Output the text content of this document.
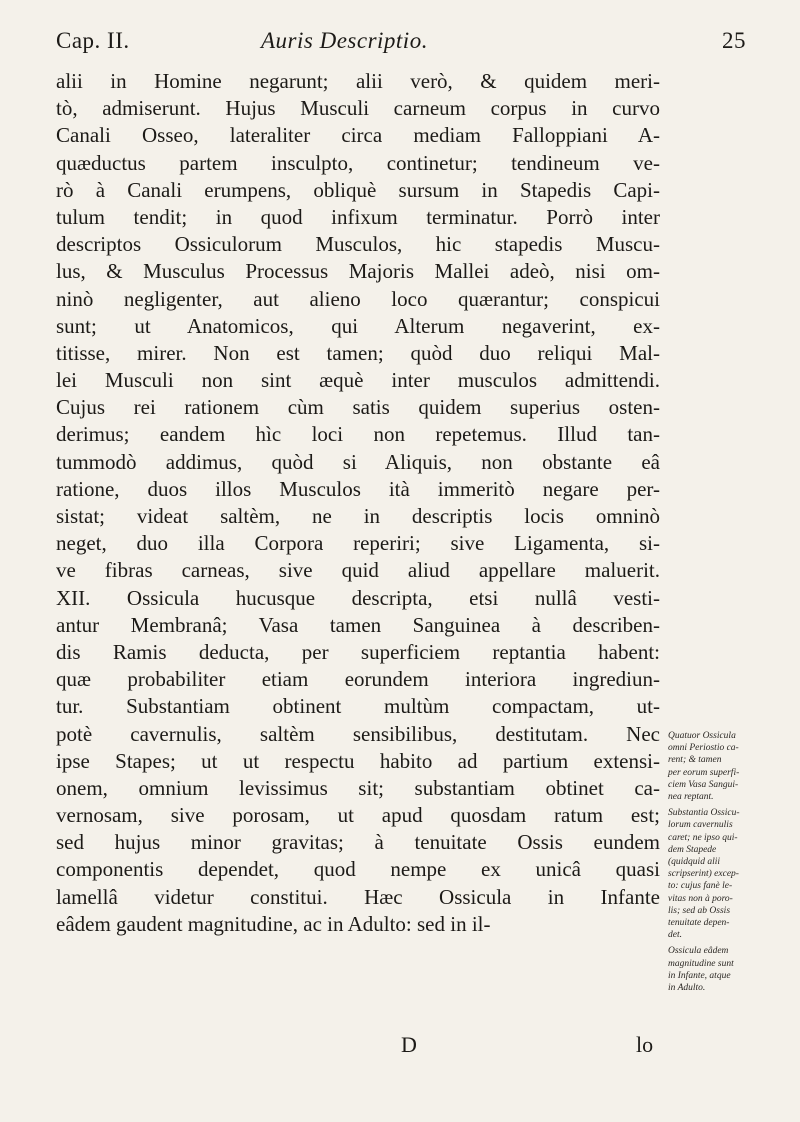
Cap. II.	Auris Descriptio.	25
alii in Homine negarunt; alii verò, & quidem meri-
tò, admiserunt. Hujus Musculi carneum corpus in curvo
Canali Osseo, lateraliter circa mediam Falloppiani A-
quæductus partem insculpto, continetur; tendineum ve-
rò à Canali erumpens, obliquè sursum in Stapedis Capi-
tulum tendit; in quod infixum terminatur. Porrò inter
descriptos Ossiculorum Musculos, hic stapedis Muscu-
lus, & Musculus Processus Majoris Mallei adeò, nisi om-
ninò negligenter, aut alieno loco quærantur; conspicui
sunt; ut Anatomicos, qui Alterum negaverint, ex-
titisse, mirer. Non est tamen; quòd duo reliqui Mal-
lei Musculi non sint æquè inter musculos admittendi.
Cujus rei rationem cùm satis quidem superius osten-
derimus; eandem hìc loci non repetemus. Illud tan-
tummodò addimus, quòd si Aliquis, non obstante eâ
ratione, duos illos Musculos ità immeritò negare per-
sistat; videat saltèm, ne in descriptis locis omninò
neget, duo illa Corpora reperiri; sive Ligamenta, si-
ve fibras carneas, sive quid aliud appellare maluerit.
XII. Ossicula hucusque descripta, etsi nullâ vesti-
antur Membranâ; Vasa tamen Sanguinea à describen-
dis Ramis deducta, per superficiem reptantia habent:
quæ probabiliter etiam eorundem interiora ingrediun-
tur. Substantiam obtinent multùm compactam, ut-
potè cavernulis, saltèm sensibilibus, destitutam. Nec
ipse Stapes; ut ut respectu habito ad partium extensi-
onem, omnium levissimus sit; substantiam obtinet ca-
vernosam, sive porosam, ut apud quosdam ratum est;
sed hujus minor gravitas; à tenuitate Ossis eundem
componentis dependet, quod nempe ex unicâ quasi
lamellâ videtur constitui. Hæc Ossicula in Infante
eâdem gaudent magnitudine, ac in Adulto: sed in il-
Quatuor Ossicula
omni Periostio ca-
rent; & tamen
per eorum superfi-
ciem Vasa Sangui-
nea reptant.
Substantia Ossicu-
lorum cavernulis
caret; ne ipso qui-
dem Stapede
(quidquid alii
scripserint) excep-
to: cujus fanè le-
vitas non à poro-
lis; sed ab Ossis
tenuitate depen-
det.
Ossicula eâdem
magnitudine sunt
in Infante, atque
in Adulto.
D	lo
